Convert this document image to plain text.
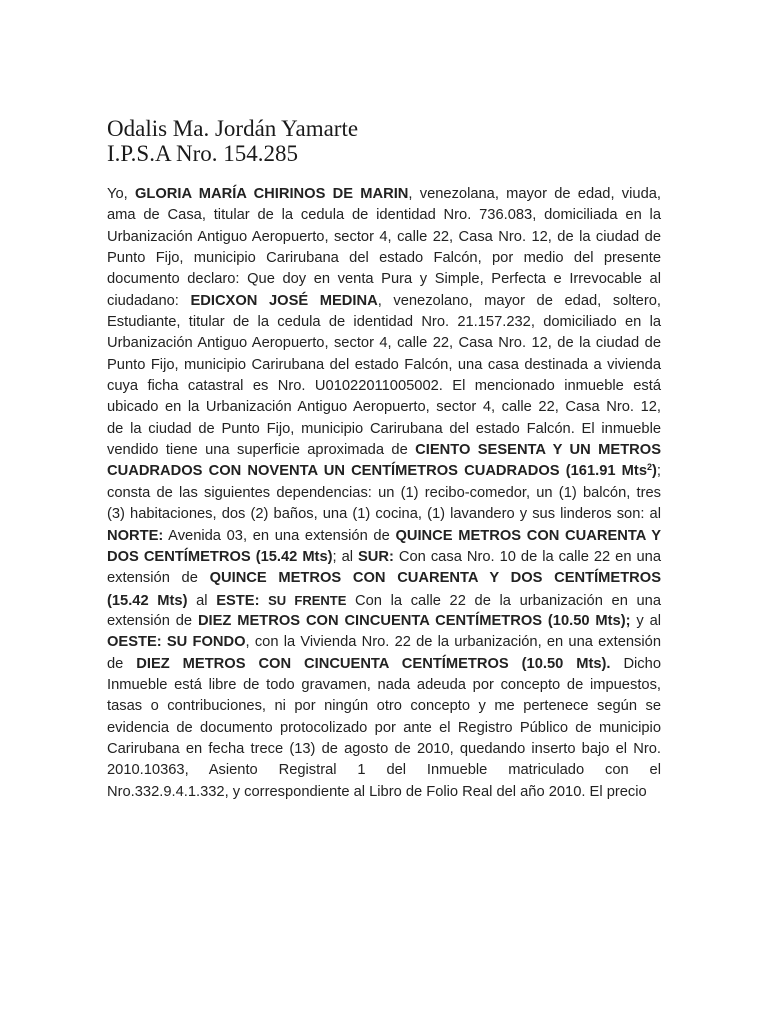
Odalis Ma. Jordán Yamarte
I.P.S.A Nro. 154.285
Yo, GLORIA MARÍA CHIRINOS DE MARIN, venezolana, mayor de edad, viuda,
ama de Casa, titular de la cedula de identidad Nro. 736.083, domiciliada en la
Urbanización Antiguo Aeropuerto, sector 4, calle 22, Casa Nro. 12, de la ciudad de
Punto Fijo, municipio Carirubana del estado Falcón, por medio del presente
documento declaro: Que doy en venta Pura y Simple, Perfecta e Irrevocable al
ciudadano: EDICXON JOSÉ MEDINA, venezolano, mayor de edad, soltero,
Estudiante, titular de la cedula de identidad Nro. 21.157.232, domiciliado en la
Urbanización Antiguo Aeropuerto, sector 4, calle 22, Casa Nro. 12, de la ciudad de
Punto Fijo, municipio Carirubana del estado Falcón, una casa destinada a vivienda
cuya ficha catastral es Nro. U01022011005002. El mencionado inmueble está
ubicado en la Urbanización Antiguo Aeropuerto, sector 4, calle 22, Casa Nro. 12,
de la ciudad de Punto Fijo, municipio Carirubana del estado Falcón. El inmueble
vendido tiene una superficie aproximada de CIENTO SESENTA Y UN METROS
CUADRADOS CON NOVENTA UN CENTÍMETROS CUADRADOS (161.91 Mts$^2$);
consta de las siguientes dependencias: un (1) recibo-comedor, un (1) balcón, tres
(3) habitaciones, dos (2) baños, una (1) cocina, (1) lavandero y sus linderos son: al
NORTE: Avenida 03, en una extensión de QUINCE METROS CON CUARENTA Y
DOS CENTÍMETROS (15.42 Mts); al SUR: Con casa Nro. 10 de la calle 22 en una
extensión de QUINCE METROS CON CUARENTA Y DOS CENTÍMETROS
(15.42 Mts) al ESTE: SU FRENTE Con la calle 22 de la urbanización en una
extensión de DIEZ METROS CON CINCUENTA CENTÍMETROS (10.50 Mts); y al
OESTE: SU FONDO, con la Vivienda Nro. 22 de la urbanización, en una extensión
de DIEZ METROS CON CINCUENTA CENTÍMETROS (10.50 Mts). Dicho
Inmueble está libre de todo gravamen, nada adeuda por concepto de impuestos,
tasas o contribuciones, ni por ningún otro concepto y me pertenece según se
evidencia de documento protocolizado por ante el Registro Público de municipio
Carirubana en fecha trece (13) de agosto de 2010, quedando inserto bajo el Nro.
2010.10363, Asiento Registral 1 del Inmueble matriculado con el
Nro.332.9.4.1.332, y correspondiente al Libro de Folio Real del año 2010. El precio
